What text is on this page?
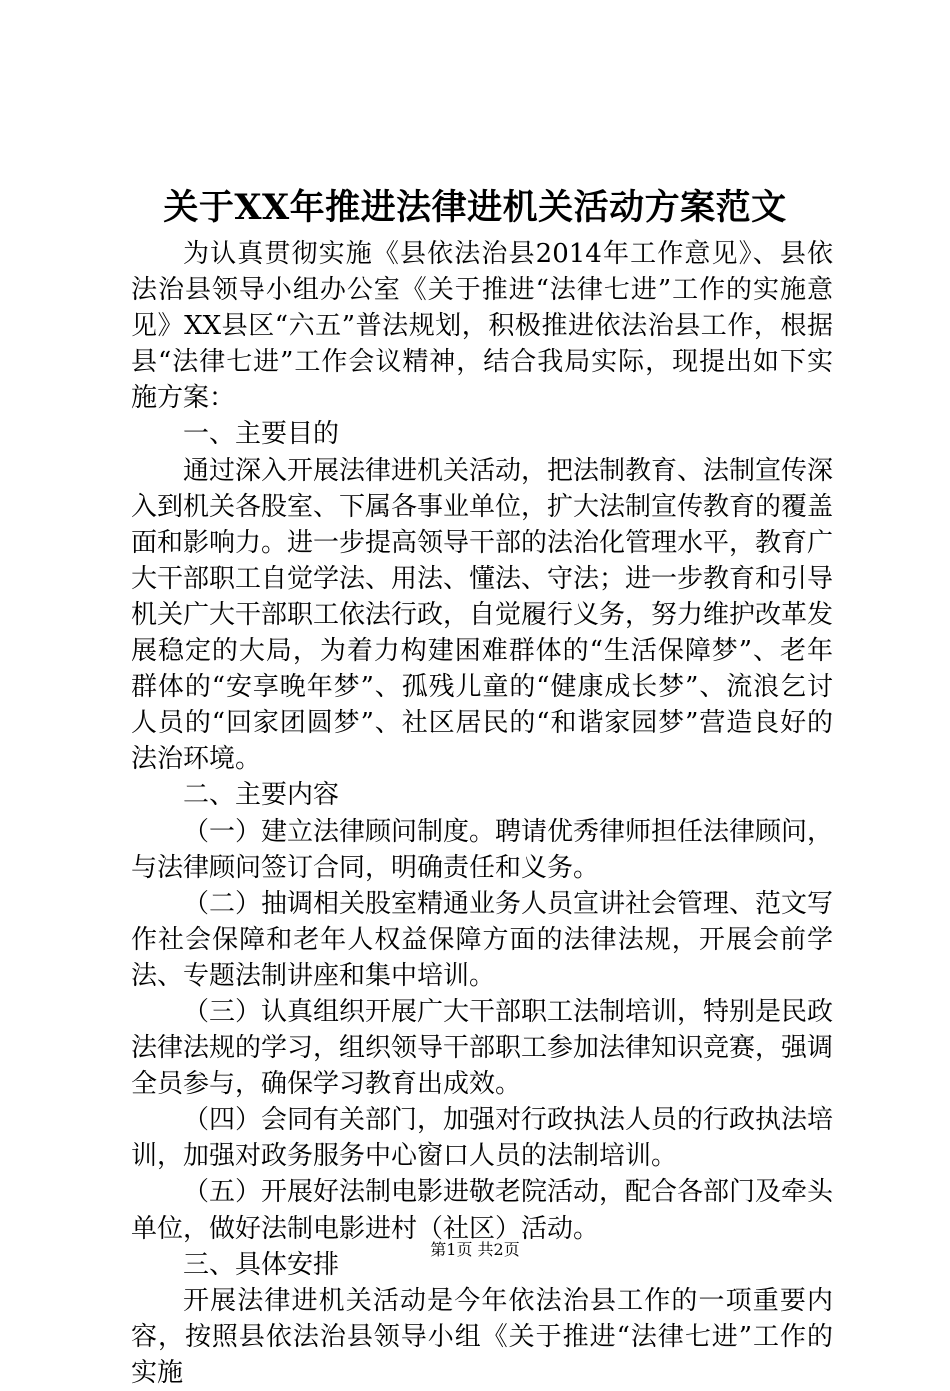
关于XX年推进法律进机关活动方案范文

为认真贯彻实施《县依法治县2014年工作意见》、县依法治县领导小组办公室《关于推进“法律七进”工作的实施意见》XX县区“六五”普法规划，积极推进依法治县工作，根据县“法律七进”工作会议精神，结合我局实际，现提出如下实施方案：

一、主要目的

通过深入开展法律进机关活动，把法制教育、法制宣传深入到机关各股室、下属各事业单位，扩大法制宣传教育的覆盖面和影响力。进一步提高领导干部的法治化管理水平，教育广大干部职工自觉学法、用法、懂法、守法；进一步教育和引导机关广大干部职工依法行政，自觉履行义务，努力维护改革发展稳定的大局，为着力构建困难群体的“生活保障梦”、老年群体的“安享晚年梦”、孤残儿童的“健康成长梦”、流浪乞讨人员的“回家团圆梦”、社区居民的“和谐家园梦”营造良好的法治环境。

二、主要内容

（一）建立法律顾问制度。聘请优秀律师担任法律顾问，与法律顾问签订合同，明确责任和义务。

（二）抽调相关股室精通业务人员宣讲社会管理、范文写作社会保障和老年人权益保障方面的法律法规，开展会前学法、专题法制讲座和集中培训。

（三）认真组织开展广大干部职工法制培训，特别是民政法律法规的学习，组织领导干部职工参加法律知识竞赛，强调全员参与，确保学习教育出成效。

（四）会同有关部门，加强对行政执法人员的行政执法培训，加强对政务服务中心窗口人员的法制培训。

（五）开展好法制电影进敬老院活动，配合各部门及牵头单位，做好法制电影进村（社区）活动。

三、具体安排

开展法律进机关活动是今年依法治县工作的一项重要内容，按照县依法治县领导小组《关于推进“法律七进”工作的实施

第1页 共2页
